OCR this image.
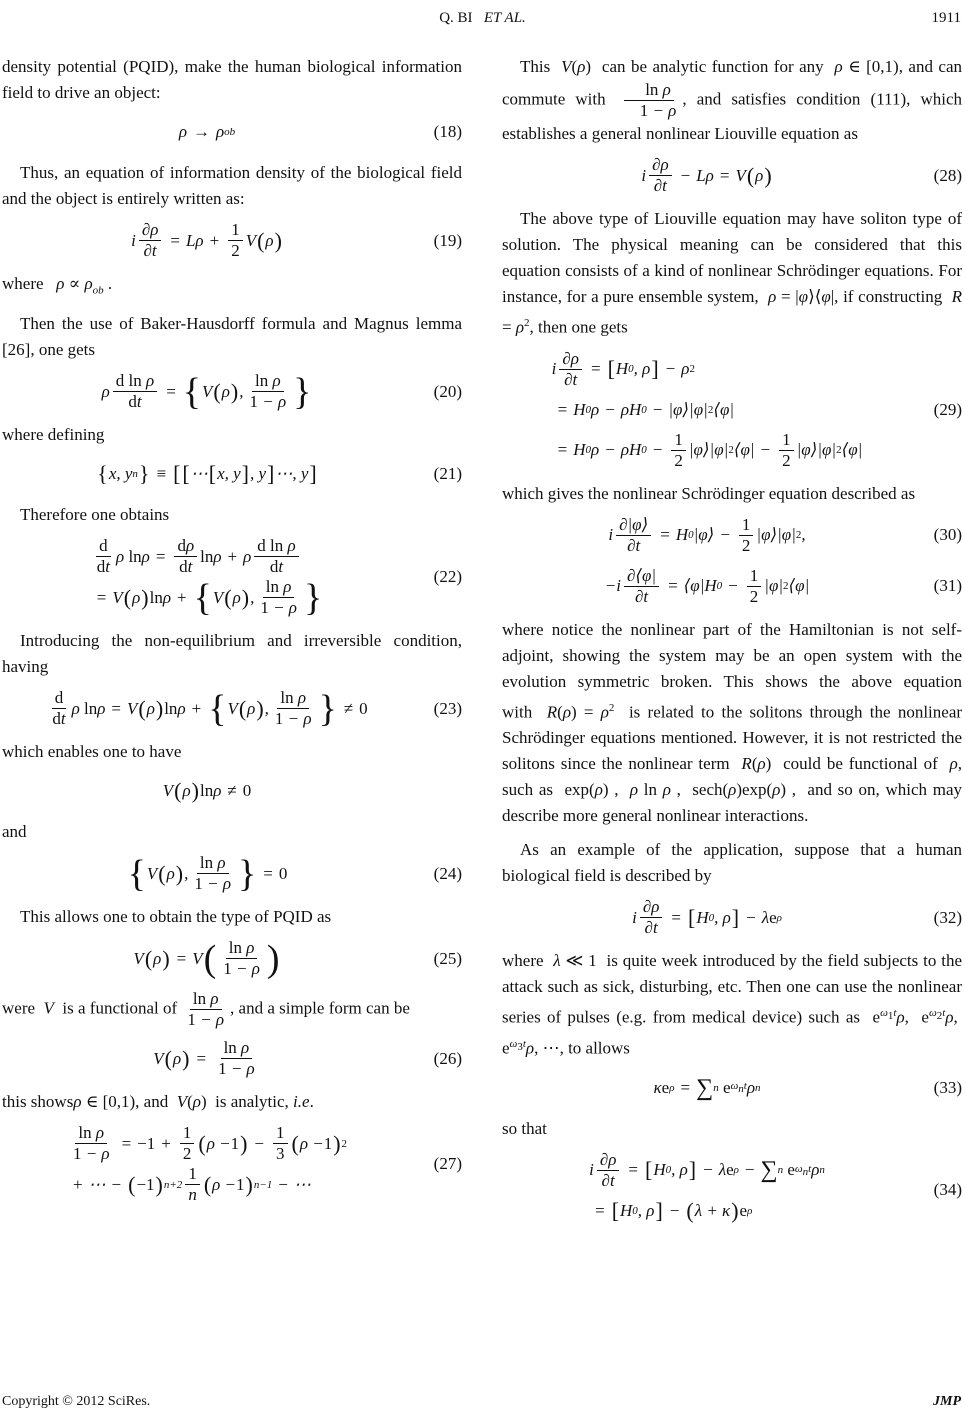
Q. BI ET AL.	1911

density potential (PQID), make the human biological information field to drive an object:

ρ → ρ ob	(18)

Thus, an equation of information density of the biological field and the object is entirely written as:

i $\frac{\partial\rho}{\partial t} = L\rho + \frac{1}{2}$ V ( ρ )	(19)

where $\rho \propto \rho_{ob}$ .

Then the use of Baker-Hausdorff formula and Magnus lemma [26], one gets

ρ $\frac{\text{d ln ρ}}{dt}$ = { V ( ρ ) , $\frac{\text{ln ρ}}{1 - \rho}$ }	(20)

where defining

{ x, y n } ≡ [ [ ⋯ [ x, y ] , y ] ⋯, y ]	(21)

Therefore one obtains

$\frac{d}{dt}$ ρ $\ln \rho = \frac{d\rho}{dt}$ ln ρ + ρ $\frac{\text{d ln ρ}}{dt}$
= V ( ρ ) ln ρ + { V ( ρ ) , $\frac{\text{ln ρ}}{1 - \rho}$ }	(22)

Introducing the non-equilibrium and irreversible condition, having

$\frac{d}{dt}$ ρ ln ρ = V ( ρ ) ln ρ + { V ( ρ ) , $\frac{\text{ln ρ}}{1 - \rho}$ } ≠ 0	(23)

which enables one to have

V ( ρ ) ln ρ ≠ 0

and

{ V ( ρ ) , $\frac{\text{ln ρ}}{1 - \rho}$ } = 0	(24)

This allows one to obtain the type of PQID as

V ( ρ ) = V ( $\frac{\text{ln ρ}}{1 - \rho}$ )	(25)

were V is a functional of $\frac{\text{ln ρ}}{1 - \rho}$ , and a simple form can be

V ( ρ ) = $\frac{\text{ln ρ}}{1 - \rho}$	(26)

this showsρ ∈ [0,1), and V(ρ)  is analytic, i.e.

$\frac{\text{ln ρ}}{1 - \rho} = -1 + \frac{1}{2}$ ( ρ − 1 ) − $\frac{1}{3}$ ( ρ − 1 ) 2
+ ⋯ − ( −1 ) $n+2 \frac{1}{n}$ ( ρ − 1 ) n−1 − ⋯
(27)

This V(ρ)  can be analytic function for any ρ ∈ [0,1), and can commute with $\frac{\text{ln ρ}}{1 - \rho}$ , and satisfies condition (111), which establishes a general nonlinear Liouville equation as

i $\frac{\partial\rho}{\partial t} - L\rho = V$ ( ρ )	(28)

The above type of Liouville equation may have soliton type of solution. The physical meaning can be considered that this equation consists of a kind of nonlinear Schrödinger equations. For instance, for a pure ensemble system, ρ = |φ⟩⟨φ|, if constructing $R = \rho^2$, then one gets

i $\frac{\partial\rho}{\partial t}$ = [ H 0 , ρ ] − ρ 2
= H 0 ρ − ρH 0 − |φ⟩|φ| 2 ⟨φ|
= H 0 ρ − ρH $0 - \frac{1}{2}$ |φ⟩|φ| 2 ⟨φ| − $\frac{1}{2}$ |φ⟩|φ| 2 ⟨φ|
(29)

which gives the nonlinear Schrödinger equation described as

i $\frac{\partial|\varphi⟩}{\partial t} = H$ 0 |φ⟩ − $\frac{1}{2}$ |φ⟩|φ| 2 ,	(30)
$-i \frac{\partial⟨\varphi|}{\partial t}$ = ⟨φ|H $0 - \frac{1}{2} |\varphi|$ 2 ⟨φ|	(31)

where notice the nonlinear part of the Hamiltonian is not self-adjoint, showing the system may be an open system with the evolution symmetric broken. This shows the above equation with $R(\rho) = \rho^2$ is related to the solitons through the nonlinear Schrödinger equations mentioned. However, it is not restricted the solitons since the nonlinear term R(ρ)  could be functional of ρ, such as  exp(ρ) ,  ρ ln ρ ,  sech(ρ)exp(ρ) ,  and so on, which may describe more general nonlinear interactions.

As an example of the application, suppose that a human biological field is described by

i $\frac{\partial\rho}{\partial t}$ = [ H 0 , ρ ] − λ e ρ	(32)

where λ ≪ 1  is quite week introduced by the field subjects to the attack such as sick, disturbing, etc. Then one can use the nonlinear series of pulses (e.g. from medical device) such as  $e^{\omega_1t}\rho$,  $e^{\omega_2t}\rho$,  $e^{\omega_3t}\rho$, ⋯, to allows

κ e ρ = ∑ n
e $\omega_nt$ ρ n	(33)

so that

i $\frac{\partial\rho}{\partial t}$ = [ H 0 , ρ ] − λ e ρ − ∑ n
e $\omega_nt$ ρ n
= [ H 0 , ρ ] − ( λ + κ ) e ρ
(34)
Copyright © 2012 SciRes.	JMP
